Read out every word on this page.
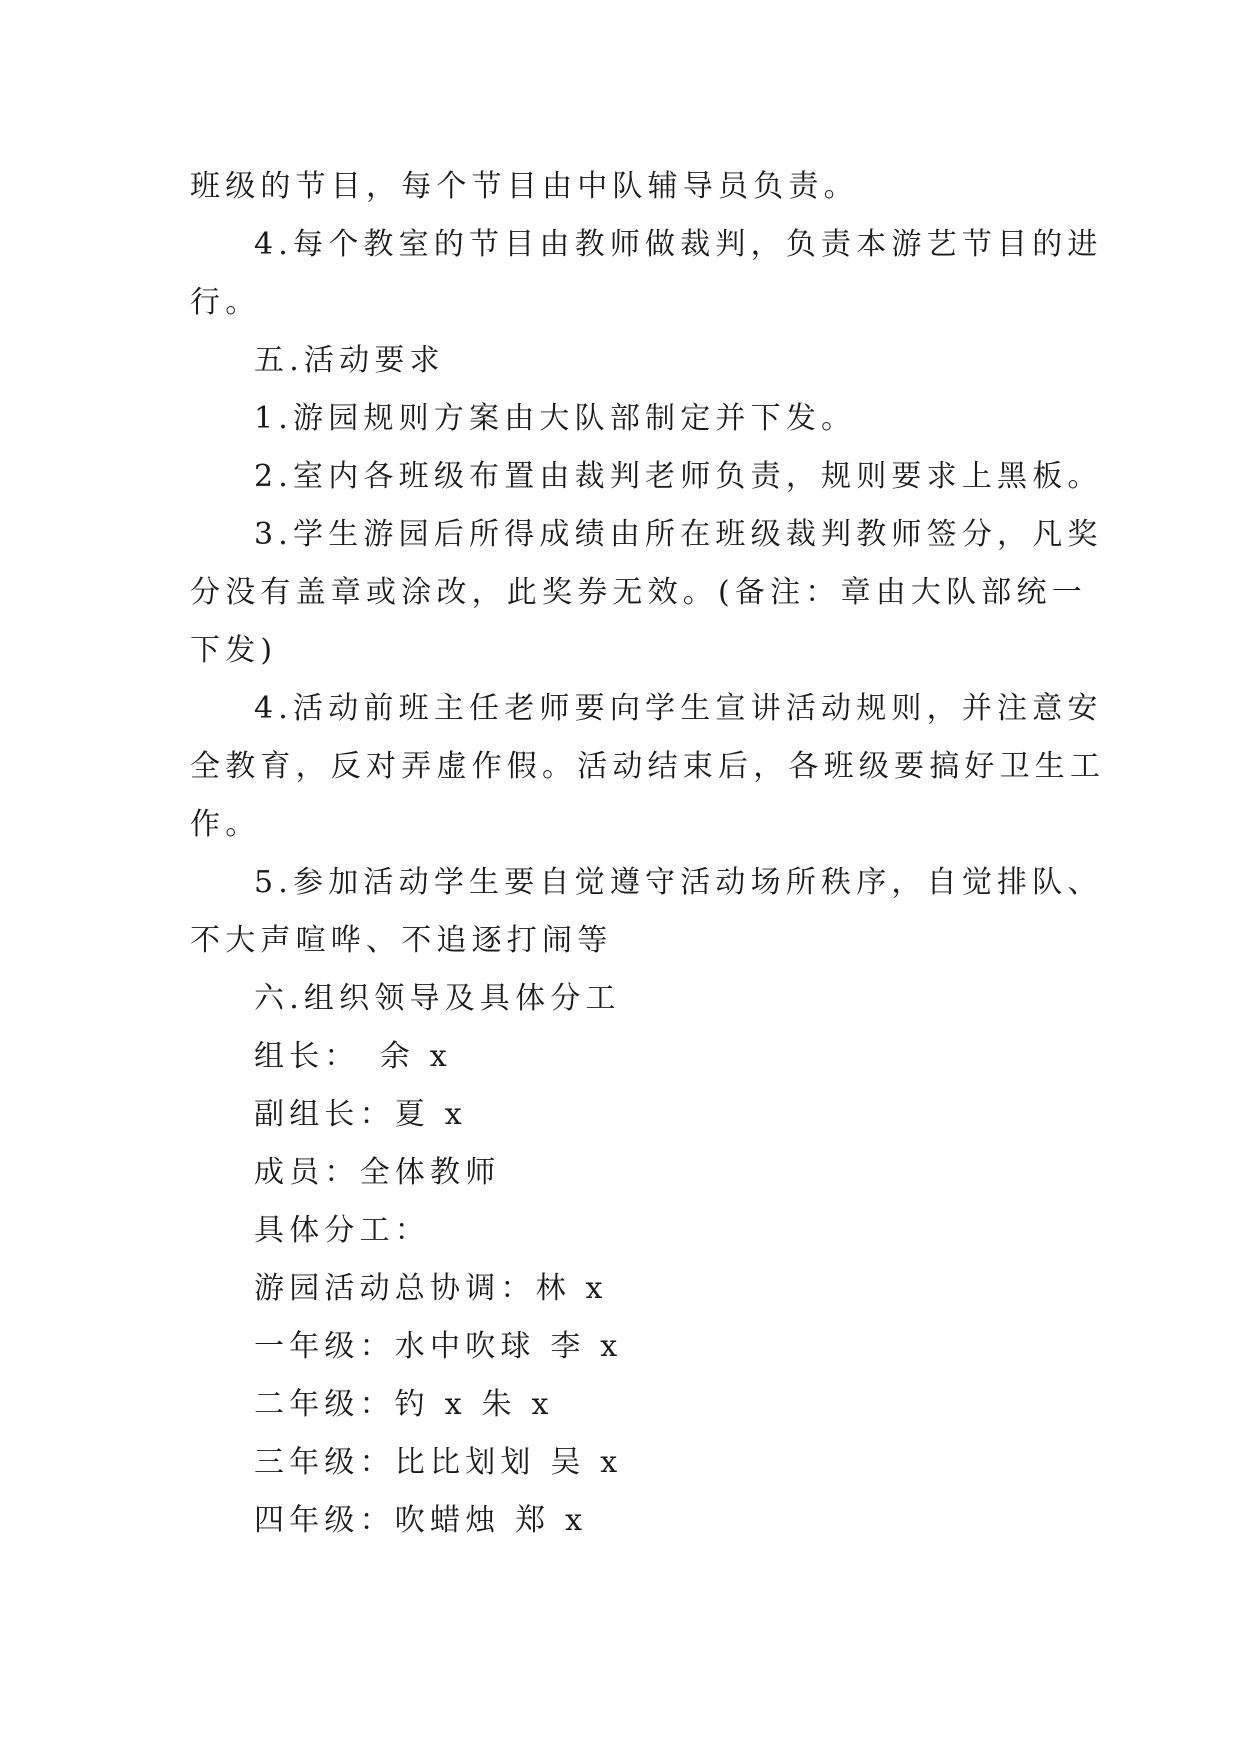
班级的节目，每个节目由中队辅导员负责。
4.每个教室的节目由教师做裁判，负责本游艺节目的进
行。
五.活动要求
1.游园规则方案由大队部制定并下发。
2.室内各班级布置由裁判老师负责，规则要求上黑板。
3.学生游园后所得成绩由所在班级裁判教师签分，凡奖
分没有盖章或涂改，此奖券无效。(备注：章由大队部统一
下发)
4.活动前班主任老师要向学生宣讲活动规则，并注意安
全教育，反对弄虚作假。活动结束后，各班级要搞好卫生工
作。
5.参加活动学生要自觉遵守活动场所秩序，自觉排队、
不大声喧哗、不追逐打闹等
六.组织领导及具体分工
组长：　余 x
副组长：夏 x
成员：全体教师
具体分工：
游园活动总协调：林 x
一年级：水中吹球 李 x
二年级：钓 x 朱 x
三年级：比比划划 吴 x
四年级：吹蜡烛 郑 x
